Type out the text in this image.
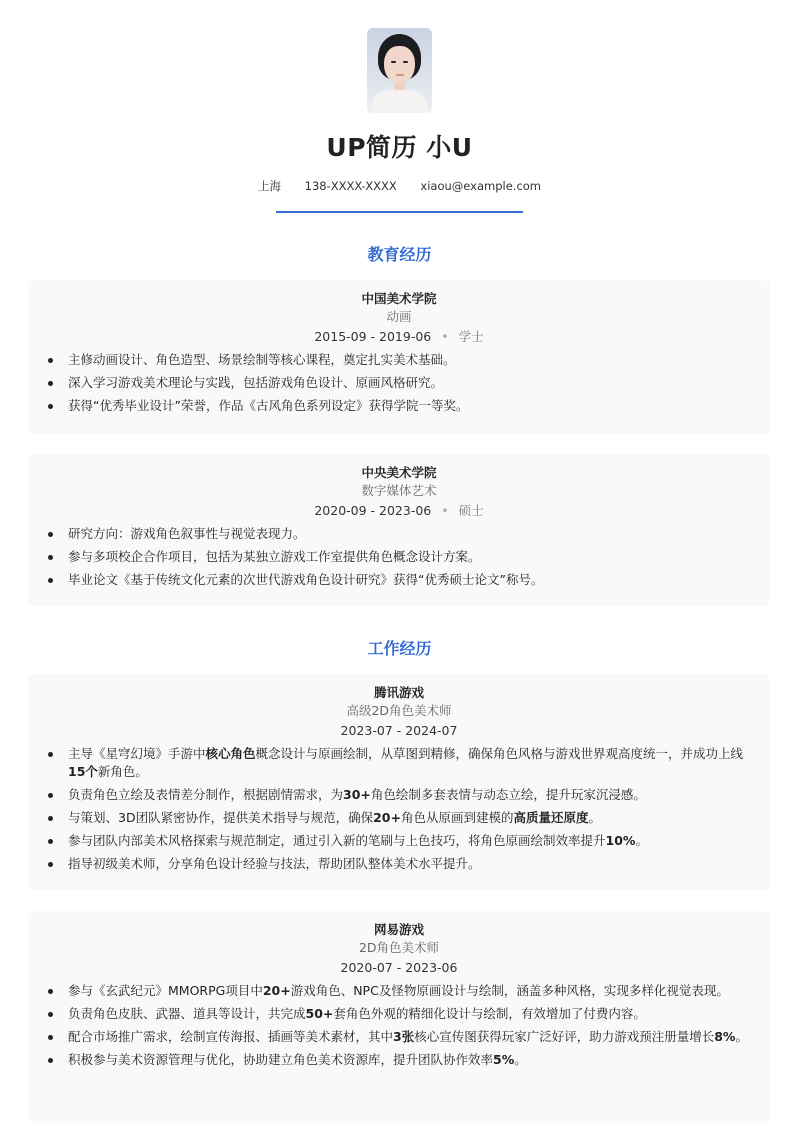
UP简历 小U
上海 138-XXXX-XXXX xiaou@example.com
教育经历
中国美术学院
动画
2015-09 - 2019-06 • 学士
主修动画设计、角色造型、场景绘制等核心课程，奠定扎实美术基础。
深入学习游戏美术理论与实践，包括游戏角色设计、原画风格研究。
获得“优秀毕业设计”荣誉，作品《古风角色系列设定》获得学院一等奖。
中央美术学院
数字媒体艺术
2020-09 - 2023-06 • 硕士
研究方向：游戏角色叙事性与视觉表现力。
参与多项校企合作项目，包括为某独立游戏工作室提供角色概念设计方案。
毕业论文《基于传统文化元素的次世代游戏角色设计研究》获得“优秀硕士论文”称号。
工作经历
腾讯游戏
高级2D角色美术师
2023-07 - 2024-07
主导《星穹幻境》手游中核心角色概念设计与原画绘制，从草图到精修，确保角色风格与游戏世界观高度统一，并成功上线15个新角色。
负责角色立绘及表情差分制作，根据剧情需求，为30+角色绘制多套表情与动态立绘，提升玩家沉浸感。
与策划、3D团队紧密协作，提供美术指导与规范，确保20+角色从原画到建模的高质量还原度。
参与团队内部美术风格探索与规范制定，通过引入新的笔刷与上色技巧，将角色原画绘制效率提升10%。
指导初级美术师，分享角色设计经验与技法，帮助团队整体美术水平提升。
网易游戏
2D角色美术师
2020-07 - 2023-06
参与《玄武纪元》MMORPG项目中20+游戏角色、NPC及怪物原画设计与绘制，涵盖多种风格，实现多样化视觉表现。
负责角色皮肤、武器、道具等设计，共完成50+套角色外观的精细化设计与绘制，有效增加了付费内容。
配合市场推广需求，绘制宣传海报、插画等美术素材，其中3张核心宣传图获得玩家广泛好评，助力游戏预注册量增长8%。
积极参与美术资源管理与优化，协助建立角色美术资源库，提升团队协作效率5%。
